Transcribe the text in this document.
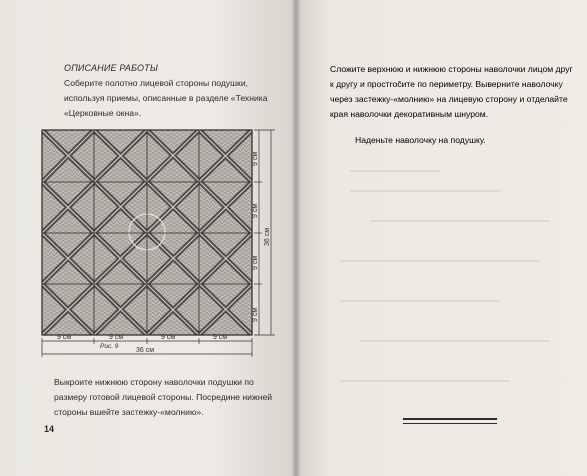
ОПИСАНИЕ РАБОТЫ
Соберите полотно лицевой стороны подушки, используя приемы, описанные в разделе «Техника «Церковные окна».
9 см	9 см	9 см	9 см
36 см
9 см
9 см
9 см
9 см
36 см
Рис. 9
Выкроите нижнюю сторону наволочки подушки по размеру готовой лицевой стороны. Посредине нижней стороны вшейте застежку-«молнию».
14
Сложите верхнюю и нижнюю стороны наволочки лицом друг к другу и простročите по периметру. Выверните наволочку через застежку-«молнию» на лицевую сторону и отделайте края наволочки декоративным шнуром.
Наденьте наволочку на подушку.
